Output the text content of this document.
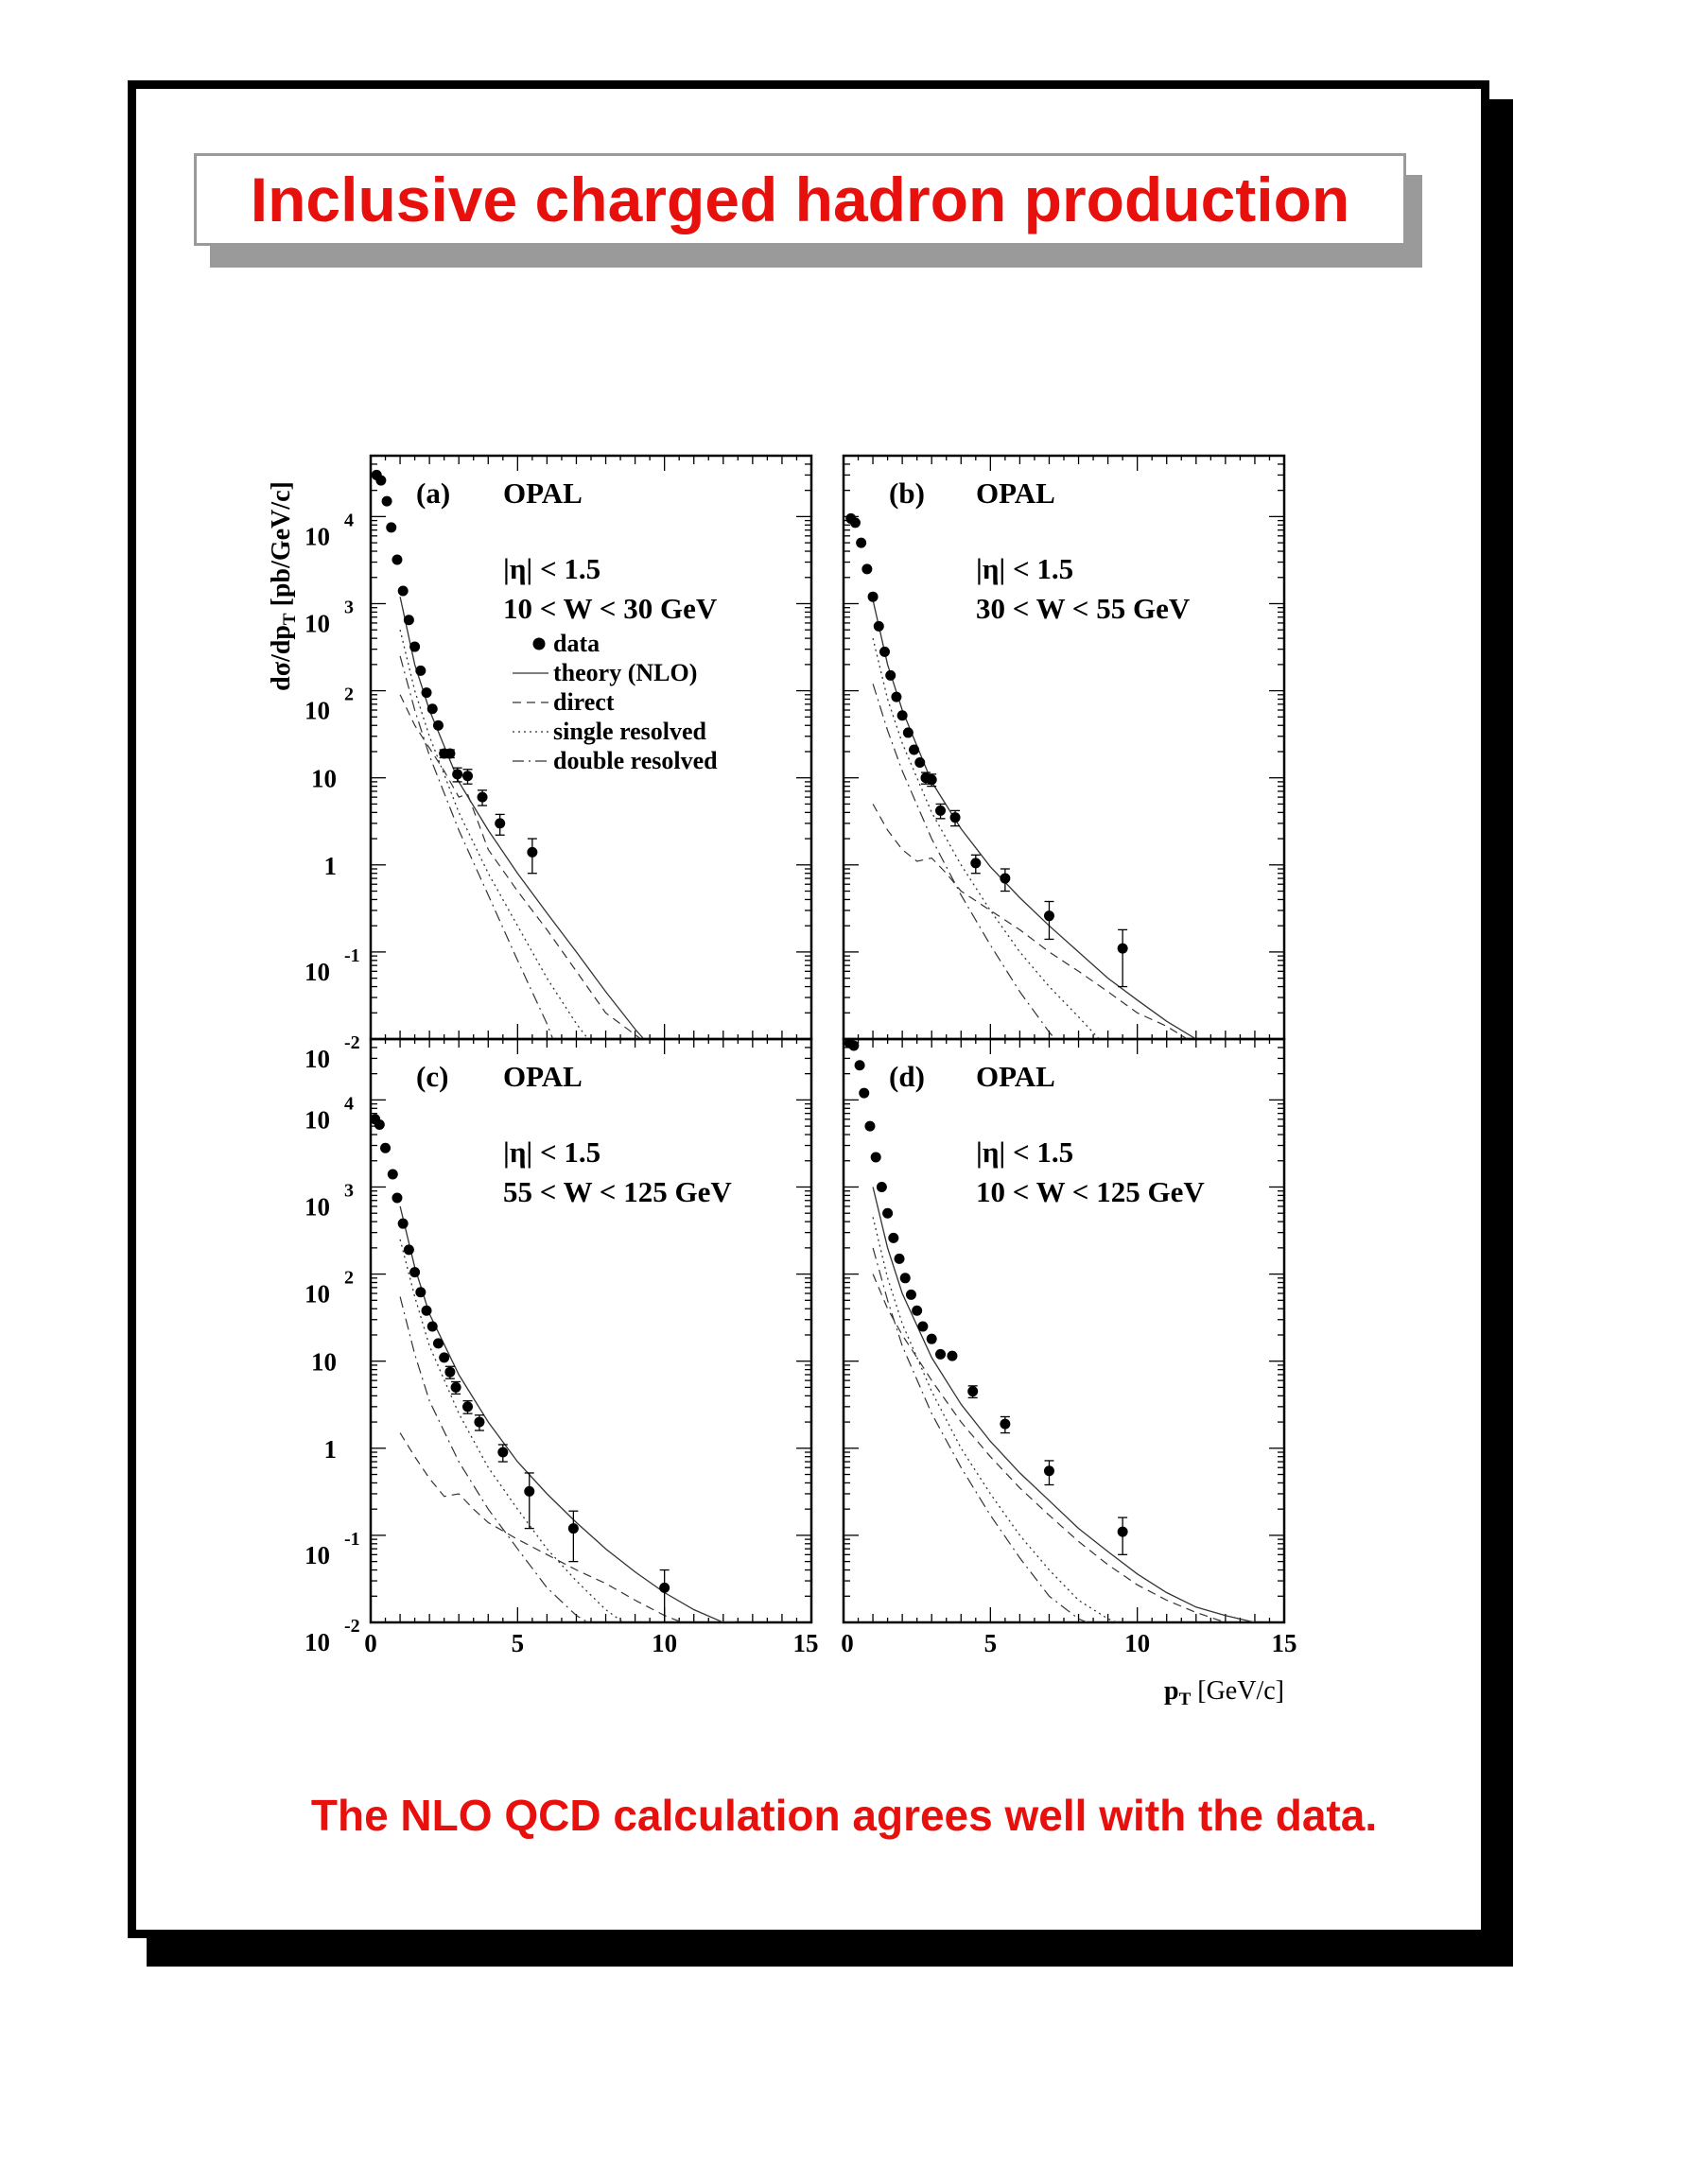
Inclusive charged hadron production
(a) OPAL
|η| < 1.5
10 < W < 30 GeV
data
theory (NLO)
direct
single resolved
double resolved
(b) OPAL
|η| < 1.5
30 < W < 55 GeV
(c) OPAL
|η| < 1.5
55 < W < 125 GeV
(d) OPAL
|η| < 1.5
10 < W < 125 GeV
10
4
10
3
10
2
10
1
10
-1
10
-2
10
4
10
3
10
2
10
1
10
-1
10
-2
0	5	10	15 0	5	10	15
$p_T$ [GeV/c]
$d\sigma/dp_T$ [pb/GeV/c]
The NLO QCD calculation agrees well with the data.
